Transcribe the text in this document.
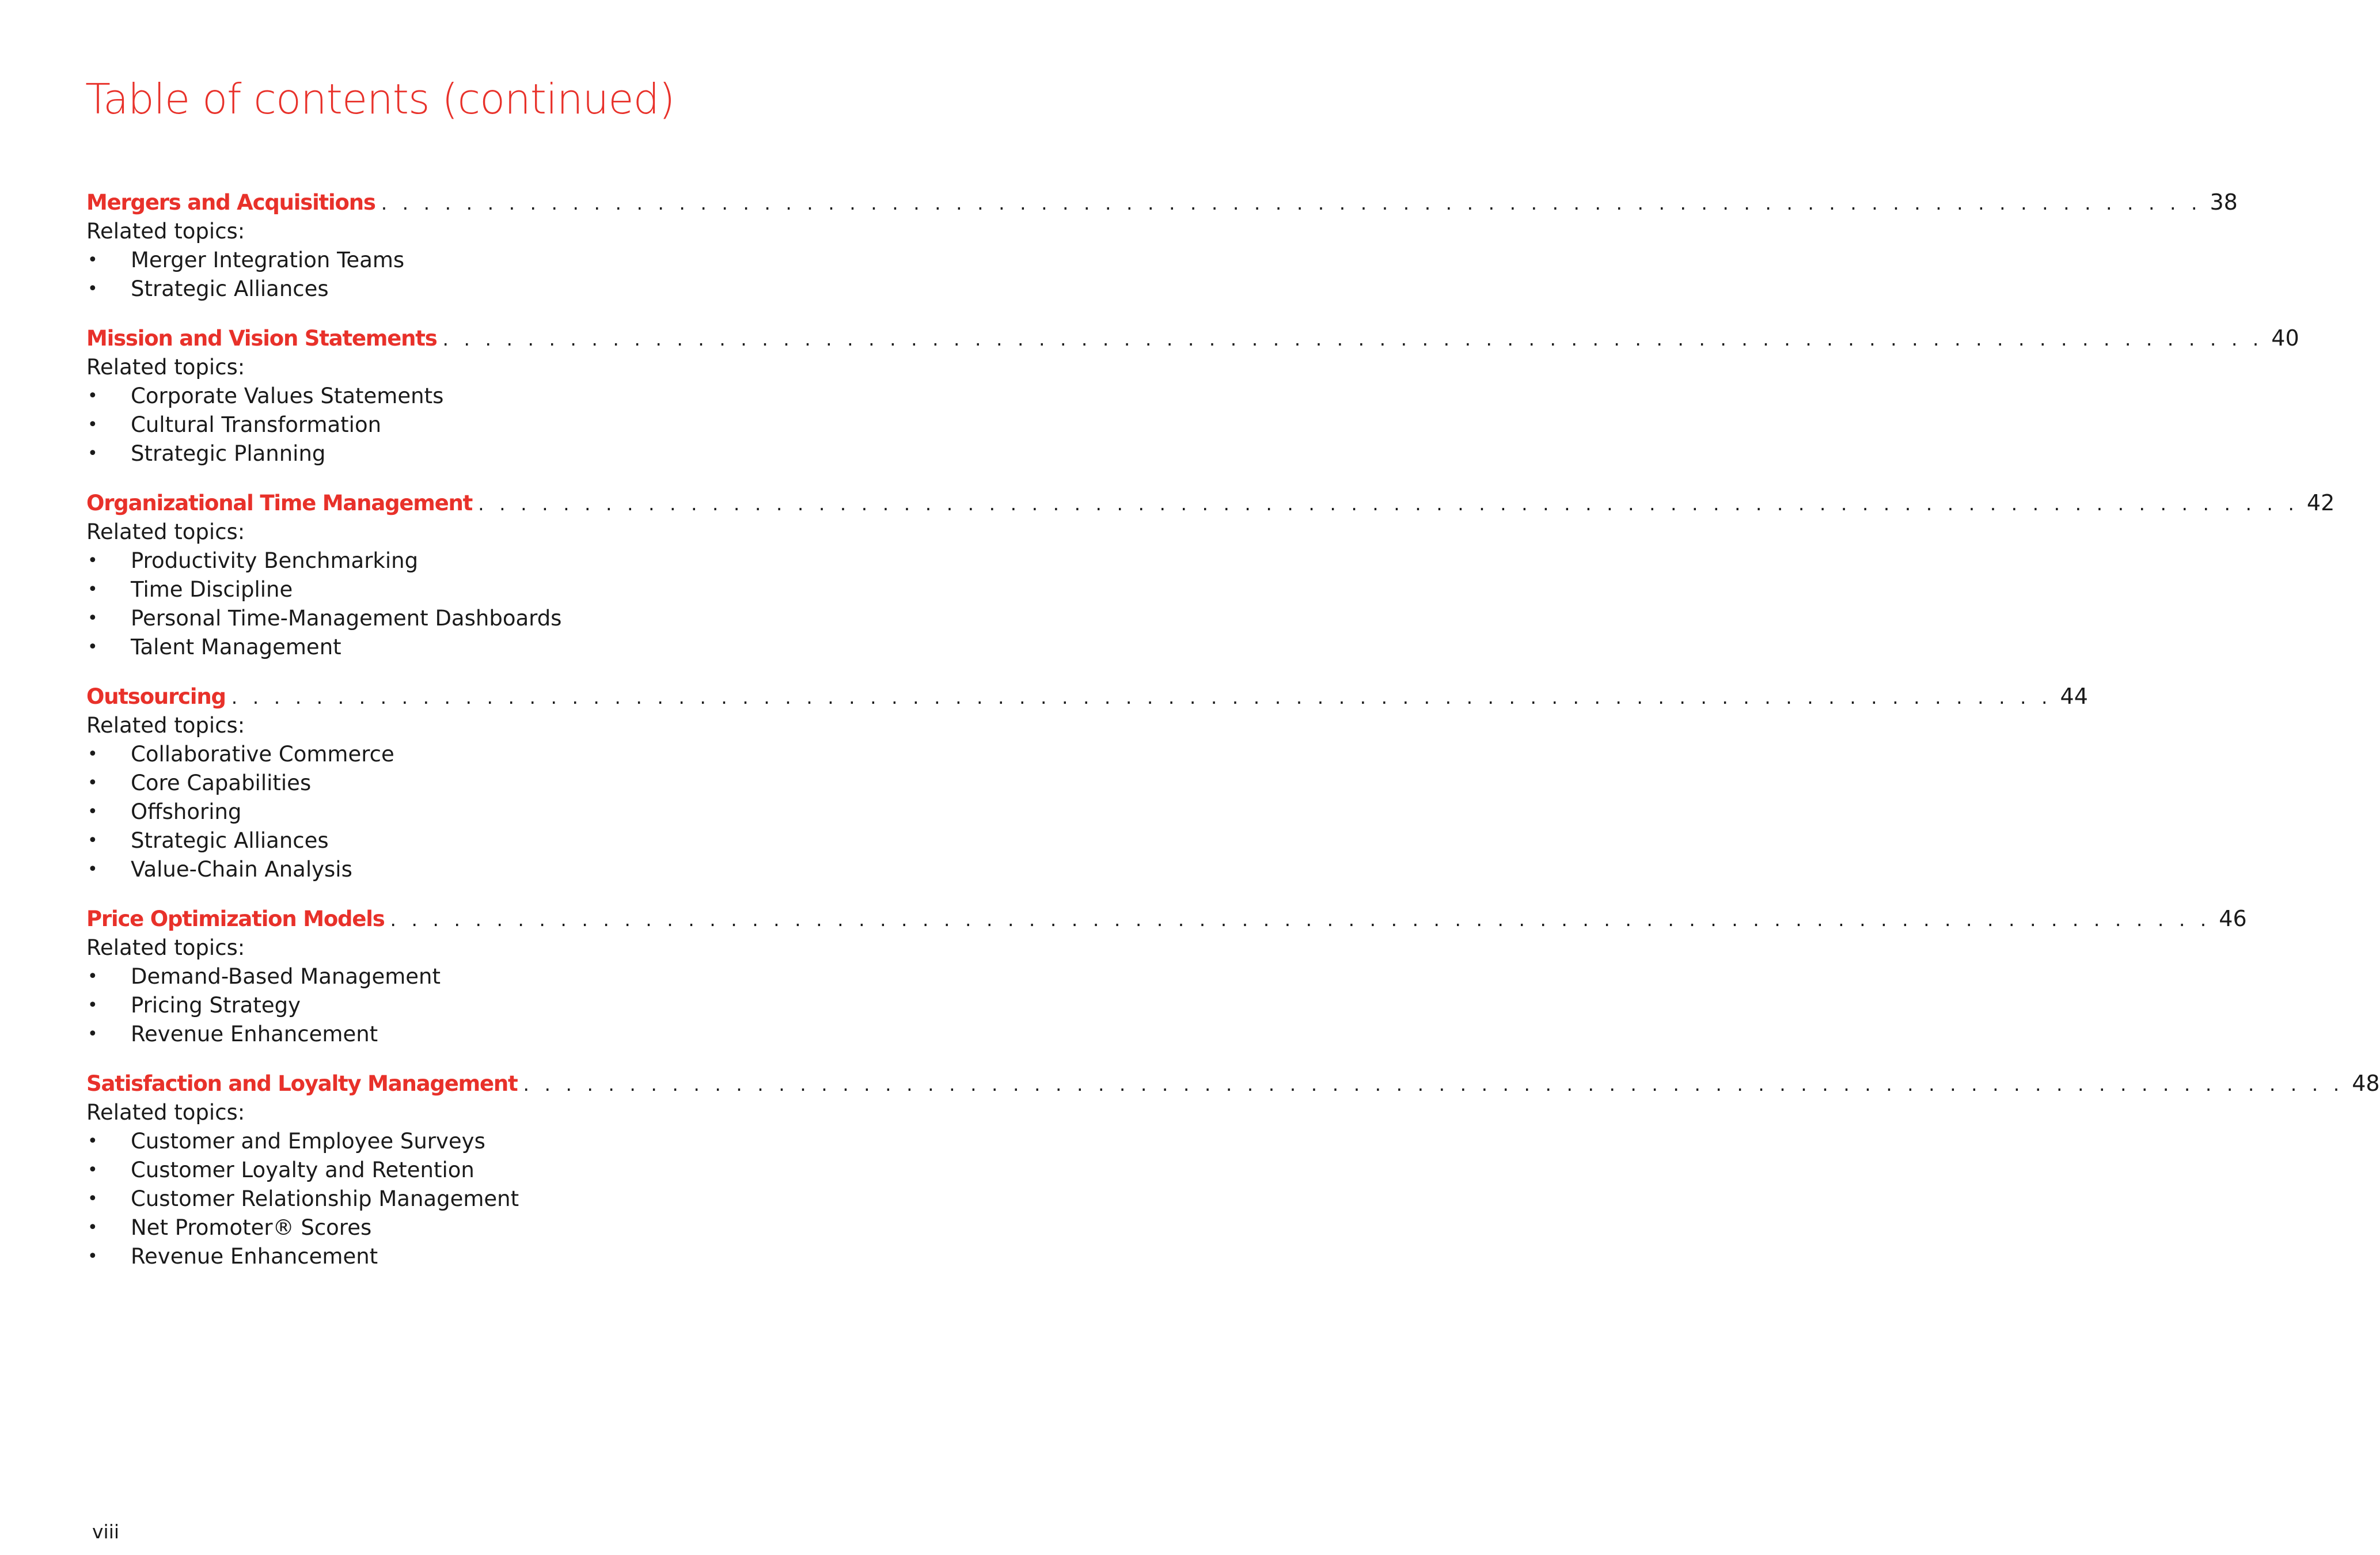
Table of contents (continued)
Mergers and Acquisitions . . . . . . . . . . . . . . . . . . . . . . . . . . . . . . . . . . . . . . . . . . . . . . . . . . . . . . . . . . . . . . . . . . . . . . . . . . . . . . . . . . . . . . 38
Related topics:
•	Merger Integration Teams
•	Strategic Alliances
Mission and Vision Statements . . . . . . . . . . . . . . . . . . . . . . . . . . . . . . . . . . . . . . . . . . . . . . . . . . . . . . . . . . . . . . . . . . . . . . . . . . . . . . . . . . . . . . 40
Related topics:
•	Corporate Values Statements
•	Cultural Transformation
•	Strategic Planning
Organizational Time Management . . . . . . . . . . . . . . . . . . . . . . . . . . . . . . . . . . . . . . . . . . . . . . . . . . . . . . . . . . . . . . . . . . . . . . . . . . . . . . . . . . . . . . 42
Related topics:
•	Productivity Benchmarking
•	Time Discipline
•	Personal Time-Management Dashboards
•	Talent Management
Outsourcing . . . . . . . . . . . . . . . . . . . . . . . . . . . . . . . . . . . . . . . . . . . . . . . . . . . . . . . . . . . . . . . . . . . . . . . . . . . . . . . . . . . . . . 44
Related topics:
•	Collaborative Commerce
•	Core Capabilities
•	Offshoring
•	Strategic Alliances
•	Value-Chain Analysis
Price Optimization Models . . . . . . . . . . . . . . . . . . . . . . . . . . . . . . . . . . . . . . . . . . . . . . . . . . . . . . . . . . . . . . . . . . . . . . . . . . . . . . . . . . . . . . 46
Related topics:
•	Demand-Based Management
•	Pricing Strategy
•	Revenue Enhancement
Satisfaction and Loyalty Management . . . . . . . . . . . . . . . . . . . . . . . . . . . . . . . . . . . . . . . . . . . . . . . . . . . . . . . . . . . . . . . . . . . . . . . . . . . . . . . . . . . . . . 48
Related topics:
•	Customer and Employee Surveys
•	Customer Loyalty and Retention
•	Customer Relationship Management
•	Net Promoter® Scores
•	Revenue Enhancement
viii
